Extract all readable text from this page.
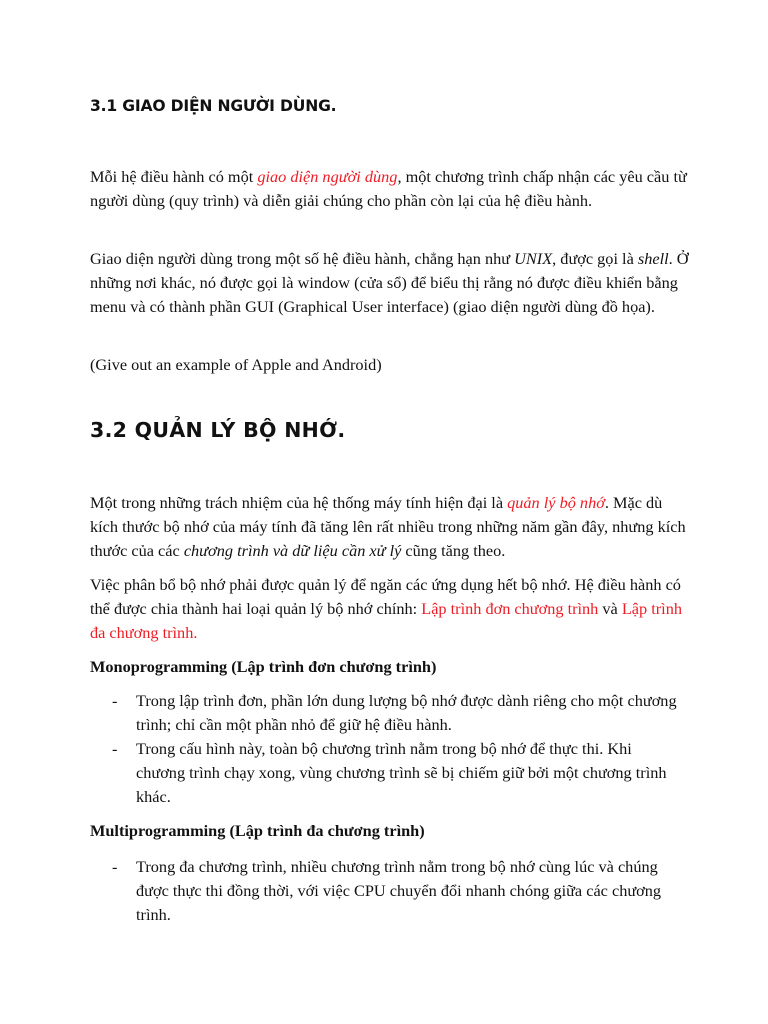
3.1 GIAO DIỆN NGƯỜI DÙNG.

Mỗi hệ điều hành có một giao diện người dùng, một chương trình chấp nhận các yêu cầu từ người dùng (quy trình) và diễn giải chúng cho phần còn lại của hệ điều hành.

Giao diện người dùng trong một số hệ điều hành, chẳng hạn như UNIX, được gọi là shell. Ở những nơi khác, nó được gọi là window (cửa sổ) để biểu thị rằng nó được điều khiển bằng menu và có thành phần GUI (Graphical User interface) (giao diện người dùng đồ họa).

(Give out an example of Apple and Android)

3.2 QUẢN LÝ BỘ NHỚ.

Một trong những trách nhiệm của hệ thống máy tính hiện đại là quản lý bộ nhớ. Mặc dù kích thước bộ nhớ của máy tính đã tăng lên rất nhiều trong những năm gần đây, nhưng kích thước của các chương trình và dữ liệu cần xử lý cũng tăng theo.

Việc phân bổ bộ nhớ phải được quản lý để ngăn các ứng dụng hết bộ nhớ. Hệ điều hành có thể được chia thành hai loại quản lý bộ nhớ chính: Lập trình đơn chương trình và Lập trình đa chương trình.

Monoprogramming (Lập trình đơn chương trình)

- Trong lập trình đơn, phần lớn dung lượng bộ nhớ được dành riêng cho một chương trình; chỉ cần một phần nhỏ để giữ hệ điều hành.
- Trong cấu hình này, toàn bộ chương trình nằm trong bộ nhớ để thực thi. Khi chương trình chạy xong, vùng chương trình sẽ bị chiếm giữ bởi một chương trình khác.

Multiprogramming (Lập trình đa chương trình)

- Trong đa chương trình, nhiều chương trình nằm trong bộ nhớ cùng lúc và chúng được thực thi đồng thời, với việc CPU chuyển đổi nhanh chóng giữa các chương trình.
